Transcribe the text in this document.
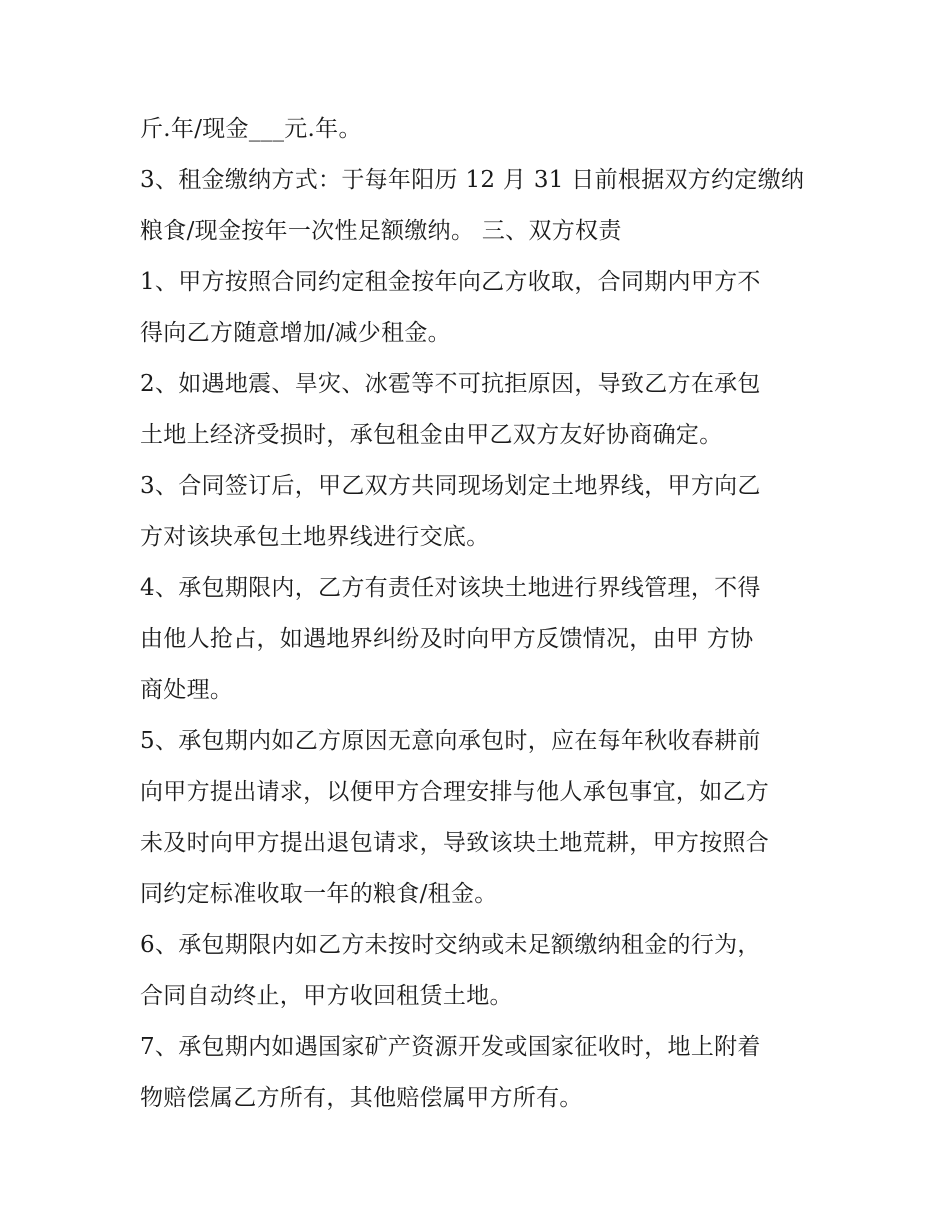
斤.年/现金___元.年。
3、租金缴纳方式：于每年阳历 12 月 31 日前根据双方约定缴纳
粮食/现金按年一次性足额缴纳。 三、双方权责
1、甲方按照合同约定租金按年向乙方收取，合同期内甲方不
得向乙方随意增加/减少租金。
2、如遇地震、旱灾、冰雹等不可抗拒原因，导致乙方在承包
土地上经济受损时，承包租金由甲乙双方友好协商确定。
3、合同签订后，甲乙双方共同现场划定土地界线，甲方向乙
方对该块承包土地界线进行交底。
4、承包期限内，乙方有责任对该块土地进行界线管理，不得
由他人抢占，如遇地界纠纷及时向甲方反馈情况，由甲 方协
商处理。
5、承包期内如乙方原因无意向承包时，应在每年秋收春耕前
向甲方提出请求，以便甲方合理安排与他人承包事宜，如乙方
未及时向甲方提出退包请求，导致该块土地荒耕，甲方按照合
同约定标准收取一年的粮食/租金。
6、承包期限内如乙方未按时交纳或未足额缴纳租金的行为，
合同自动终止，甲方收回租赁土地。
7、承包期内如遇国家矿产资源开发或国家征收时，地上附着
物赔偿属乙方所有，其他赔偿属甲方所有。
